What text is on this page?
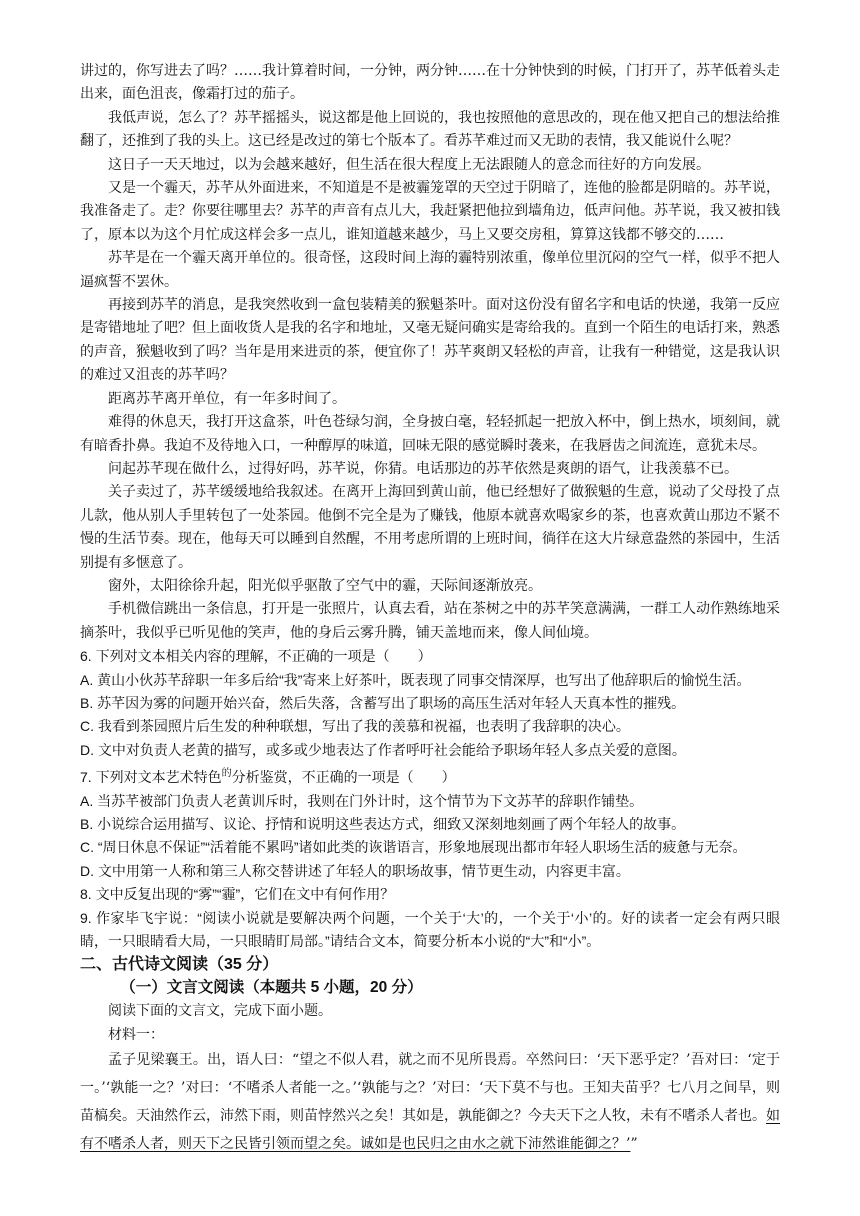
讲过的，你写进去了吗？……我计算着时间，一分钟，两分钟……在十分钟快到的时候，门打开了，苏芊低着头走出来，面色沮丧，像霜打过的茄子。

我低声说，怎么了？苏芊摇摇头，说这都是他上回说的，我也按照他的意思改的，现在他又把自己的想法给推翻了，还推到了我的头上。这已经是改过的第七个版本了。看苏芊难过而又无助的表情，我又能说什么呢？

这日子一天天地过，以为会越来越好，但生活在很大程度上无法跟随人的意念而往好的方向发展。

又是一个霾天，苏芊从外面进来，不知道是不是被霾笼罩的天空过于阴暗了，连他的脸都是阴暗的。苏芊说，我准备走了。走？你要往哪里去？苏芊的声音有点儿大，我赶紧把他拉到墙角边，低声问他。苏芊说，我又被扣钱了，原本以为这个月忙成这样会多一点儿，谁知道越来越少，马上又要交房租，算算这钱都不够交的……

苏芊是在一个霾天离开单位的。很奇怪，这段时间上海的霾特别浓重，像单位里沉闷的空气一样，似乎不把人逼疯誓不罢休。

再接到苏芊的消息，是我突然收到一盒包装精美的猴魁茶叶。面对这份没有留名字和电话的快递，我第一反应是寄错地址了吧？但上面收货人是我的名字和地址，又毫无疑问确实是寄给我的。直到一个陌生的电话打来，熟悉的声音，猴魁收到了吗？当年是用来进贡的茶，便宜你了！苏芊爽朗又轻松的声音，让我有一种错觉，这是我认识的难过又沮丧的苏芊吗？

距离苏芊离开单位，有一年多时间了。

难得的休息天，我打开这盒茶，叶色苍绿匀润，全身披白毫，轻轻抓起一把放入杯中，倒上热水，顷刻间，就有暗香扑鼻。我迫不及待地入口，一种醇厚的味道，回味无限的感觉瞬时袭来，在我唇齿之间流连，意犹未尽。

问起苏芊现在做什么，过得好吗，苏芊说，你猜。电话那边的苏芊依然是爽朗的语气，让我羡慕不已。

关子卖过了，苏芊缓缓地给我叙述。在离开上海回到黄山前，他已经想好了做猴魁的生意，说动了父母投了点儿款，他从别人手里转包了一处茶园。他倒不完全是为了赚钱，他原本就喜欢喝家乡的茶，也喜欢黄山那边不紧不慢的生活节奏。现在，他每天可以睡到自然醒，不用考虑所谓的上班时间，徜徉在这大片绿意盎然的茶园中，生活别提有多惬意了。

窗外，太阳徐徐升起，阳光似乎驱散了空气中的霾，天际间逐渐放亮。

手机微信跳出一条信息，打开是一张照片，认真去看，站在茶树之中的苏芊笑意满满，一群工人动作熟练地采摘茶叶，我似乎已听见他的笑声，他的身后云雾升腾，铺天盖地而来，像人间仙境。

6. 下列对文本相关内容的理解，不正确的一项是（　　）

A. 黄山小伙苏芊辞职一年多后给“我”寄来上好茶叶，既表现了同事交情深厚，也写出了他辞职后的愉悦生活。

B. 苏芊因为雾的问题开始兴奋，然后失落，含蓄写出了职场的高压生活对年轻人天真本性的摧残。

C. 我看到茶园照片后生发的种种联想，写出了我的羡慕和祝福，也表明了我辞职的决心。

D. 文中对负责人老黄的描写，或多或少地表达了作者呼吁社会能给予职场年轻人多点关爱的意图。

7. 下列对文本艺术特色$^的$分析鉴赏，不正确的一项是（　　）

A. 当苏芊被部门负责人老黄训斥时，我则在门外计时，这个情节为下文苏芊的辞职作铺垫。

B. 小说综合运用描写、议论、抒情和说明这些表达方式，细致又深刻地刻画了两个年轻人的故事。

C. “周日休息不保证”“活着能不累吗”诸如此类的诙谐语言，形象地展现出都市年轻人职场生活的疲惫与无奈。

D. 文中用第一人称和第三人称交替讲述了年轻人的职场故事，情节更生动，内容更丰富。

8. 文中反复出现的“雾”“霾”，它们在文中有何作用？

9. 作家毕飞宇说：“阅读小说就是要解决两个问题，一个关于‘大’的，一个关于‘小’的。好的读者一定会有两只眼睛，一只眼睛看大局，一只眼睛盯局部。”请结合文本，简要分析本小说的“大”和“小”。

二、古代诗文阅读（35 分）

（一）文言文阅读（本题共 5 小题，20 分）

阅读下面的文言文，完成下面小题。

材料一：

孟子见梁襄王。出，语人曰：“望之不似人君，就之而不见所畏焉。卒然问曰：‘天下恶乎定？’吾对曰：‘定于一。’‘孰能一之？’对曰：‘不嗜杀人者能一之。’‘孰能与之？’对曰：‘天下莫不与也。王知夫苗乎？七八月之间旱，则苗槁矣。天油然作云，沛然下雨，则苗悖然兴之矣！其如是，孰能御之？今夫天下之人牧，未有不嗜杀人者也。如有不嗜杀人者，则天下之民皆引领而望之矣。诚如是也民归之由水之就下沛然谁能御之？’”
